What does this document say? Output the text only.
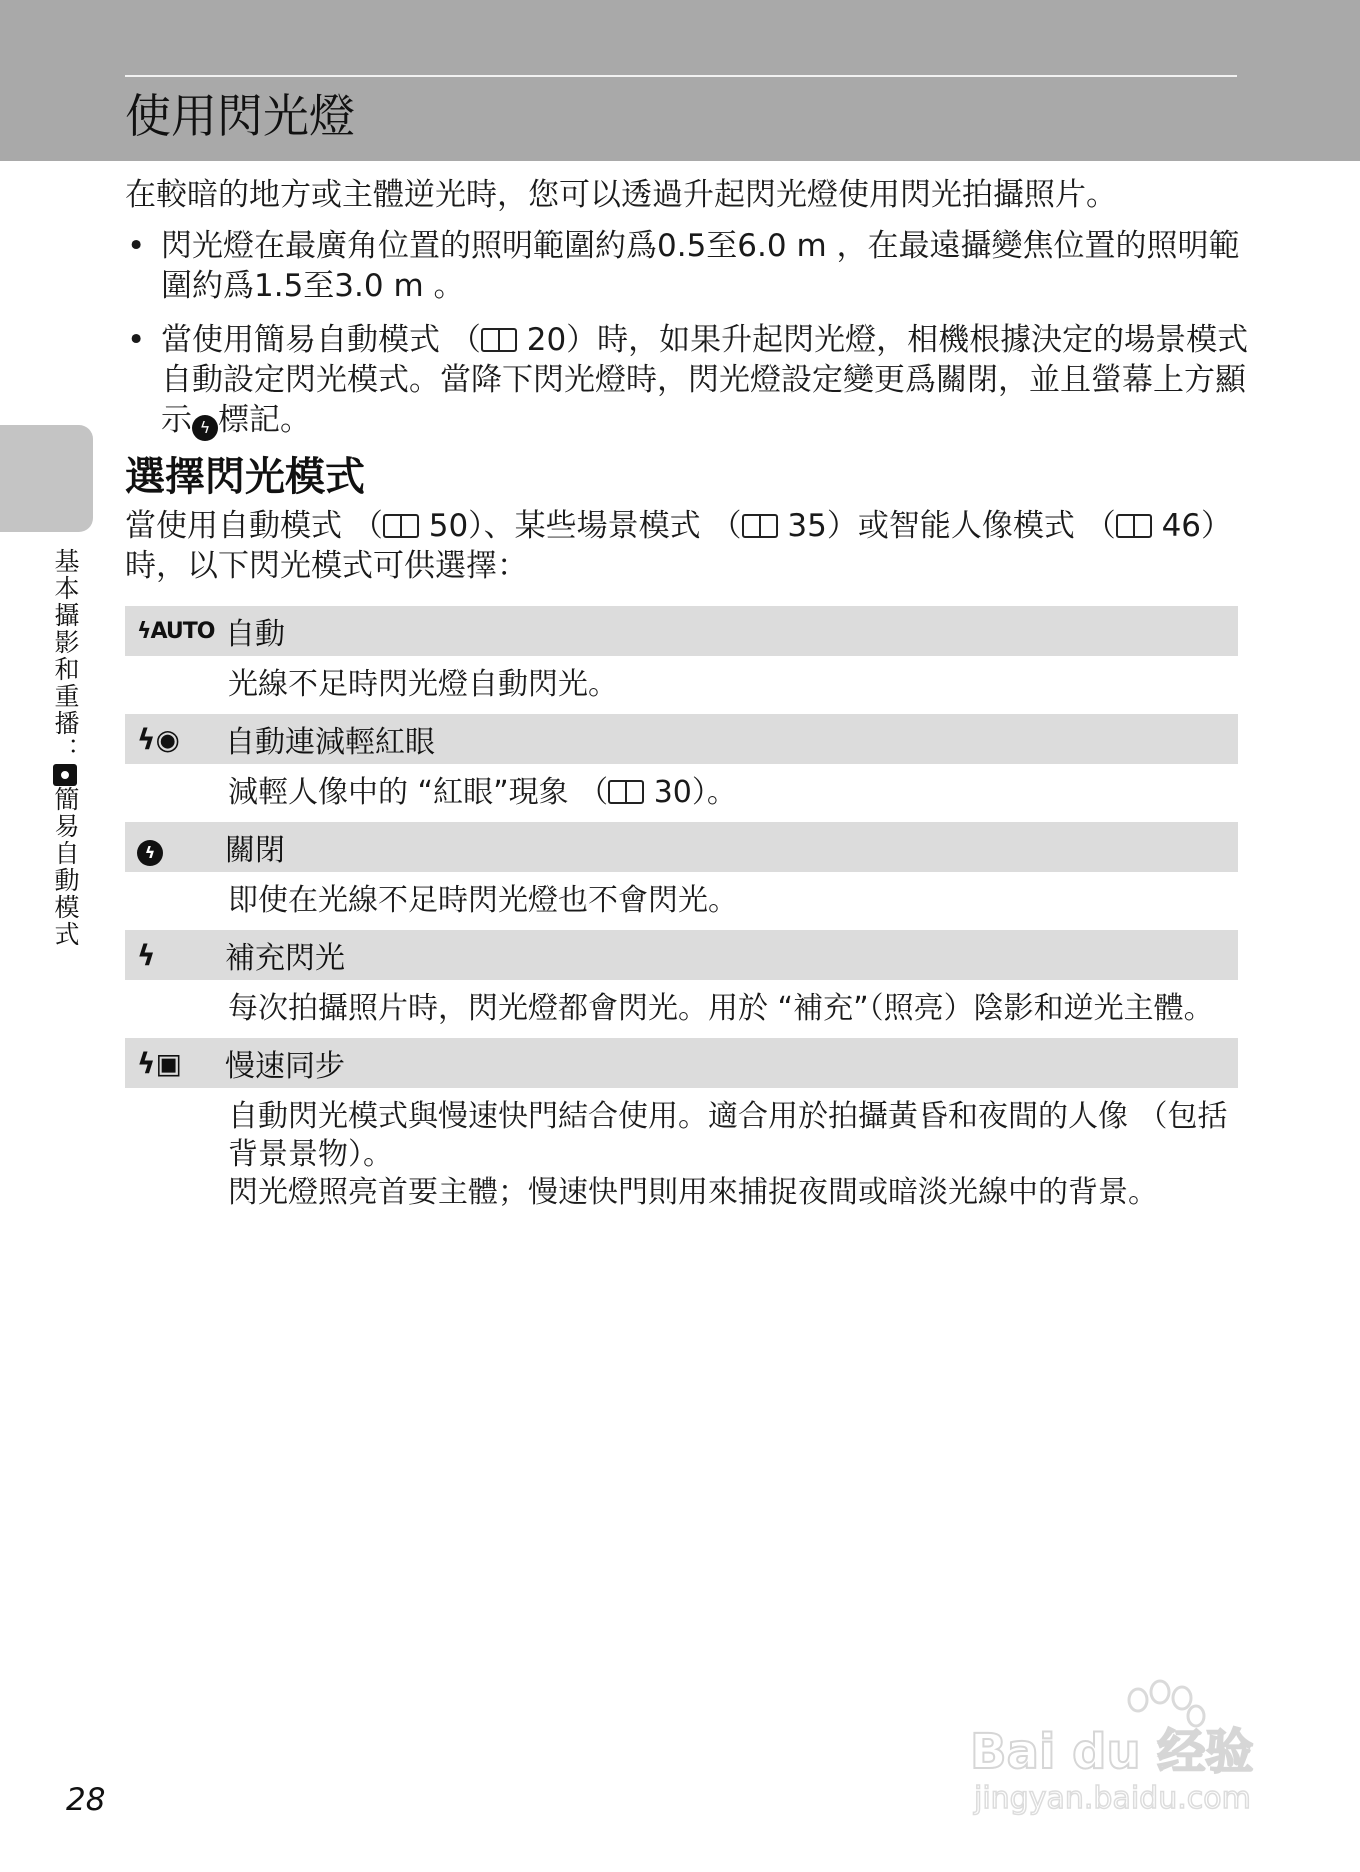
使用閃光燈
基本攝影和重播：簡易自動模式
在較暗的地方或主體逆光時，您可以透過升起閃光燈使用閃光拍攝照片。
• 閃光燈在最廣角位置的照明範圍約爲0.5至6.0 m ，在最遠攝變焦位置的照明範圍約爲1.5至3.0 m 。
• 當使用簡易自動模式 （ 20）時，如果升起閃光燈，相機根據決定的場景模式自動設定閃光模式。當降下閃光燈時，閃光燈設定變更爲關閉，並且螢幕上方顯示 ϟ 標記。
選擇閃光模式
當使用自動模式 （ 50）、某些場景模式 （ 35）或智能人像模式 （ 46）時，以下閃光模式可供選擇：
ϟAUTO 自動

光線不足時閃光燈自動閃光。

ϟ◉	自動連減輕紅眼

減輕人像中的 “紅眼”現象 （ 30）。

ϟ	關閉

即使在光線不足時閃光燈也不會閃光。

ϟ	補充閃光

每次拍攝照片時，閃光燈都會閃光。用於 “補充”（照亮）陰影和逆光主體。

ϟ▣	慢速同步

自動閃光模式與慢速快門結合使用。適合用於拍攝黃昏和夜間的人像 （包括背景景物）。

閃光燈照亮首要主體；慢速快門則用來捕捉夜間或暗淡光線中的背景。

28
Bai du 经验
jingyan.baidu.com
